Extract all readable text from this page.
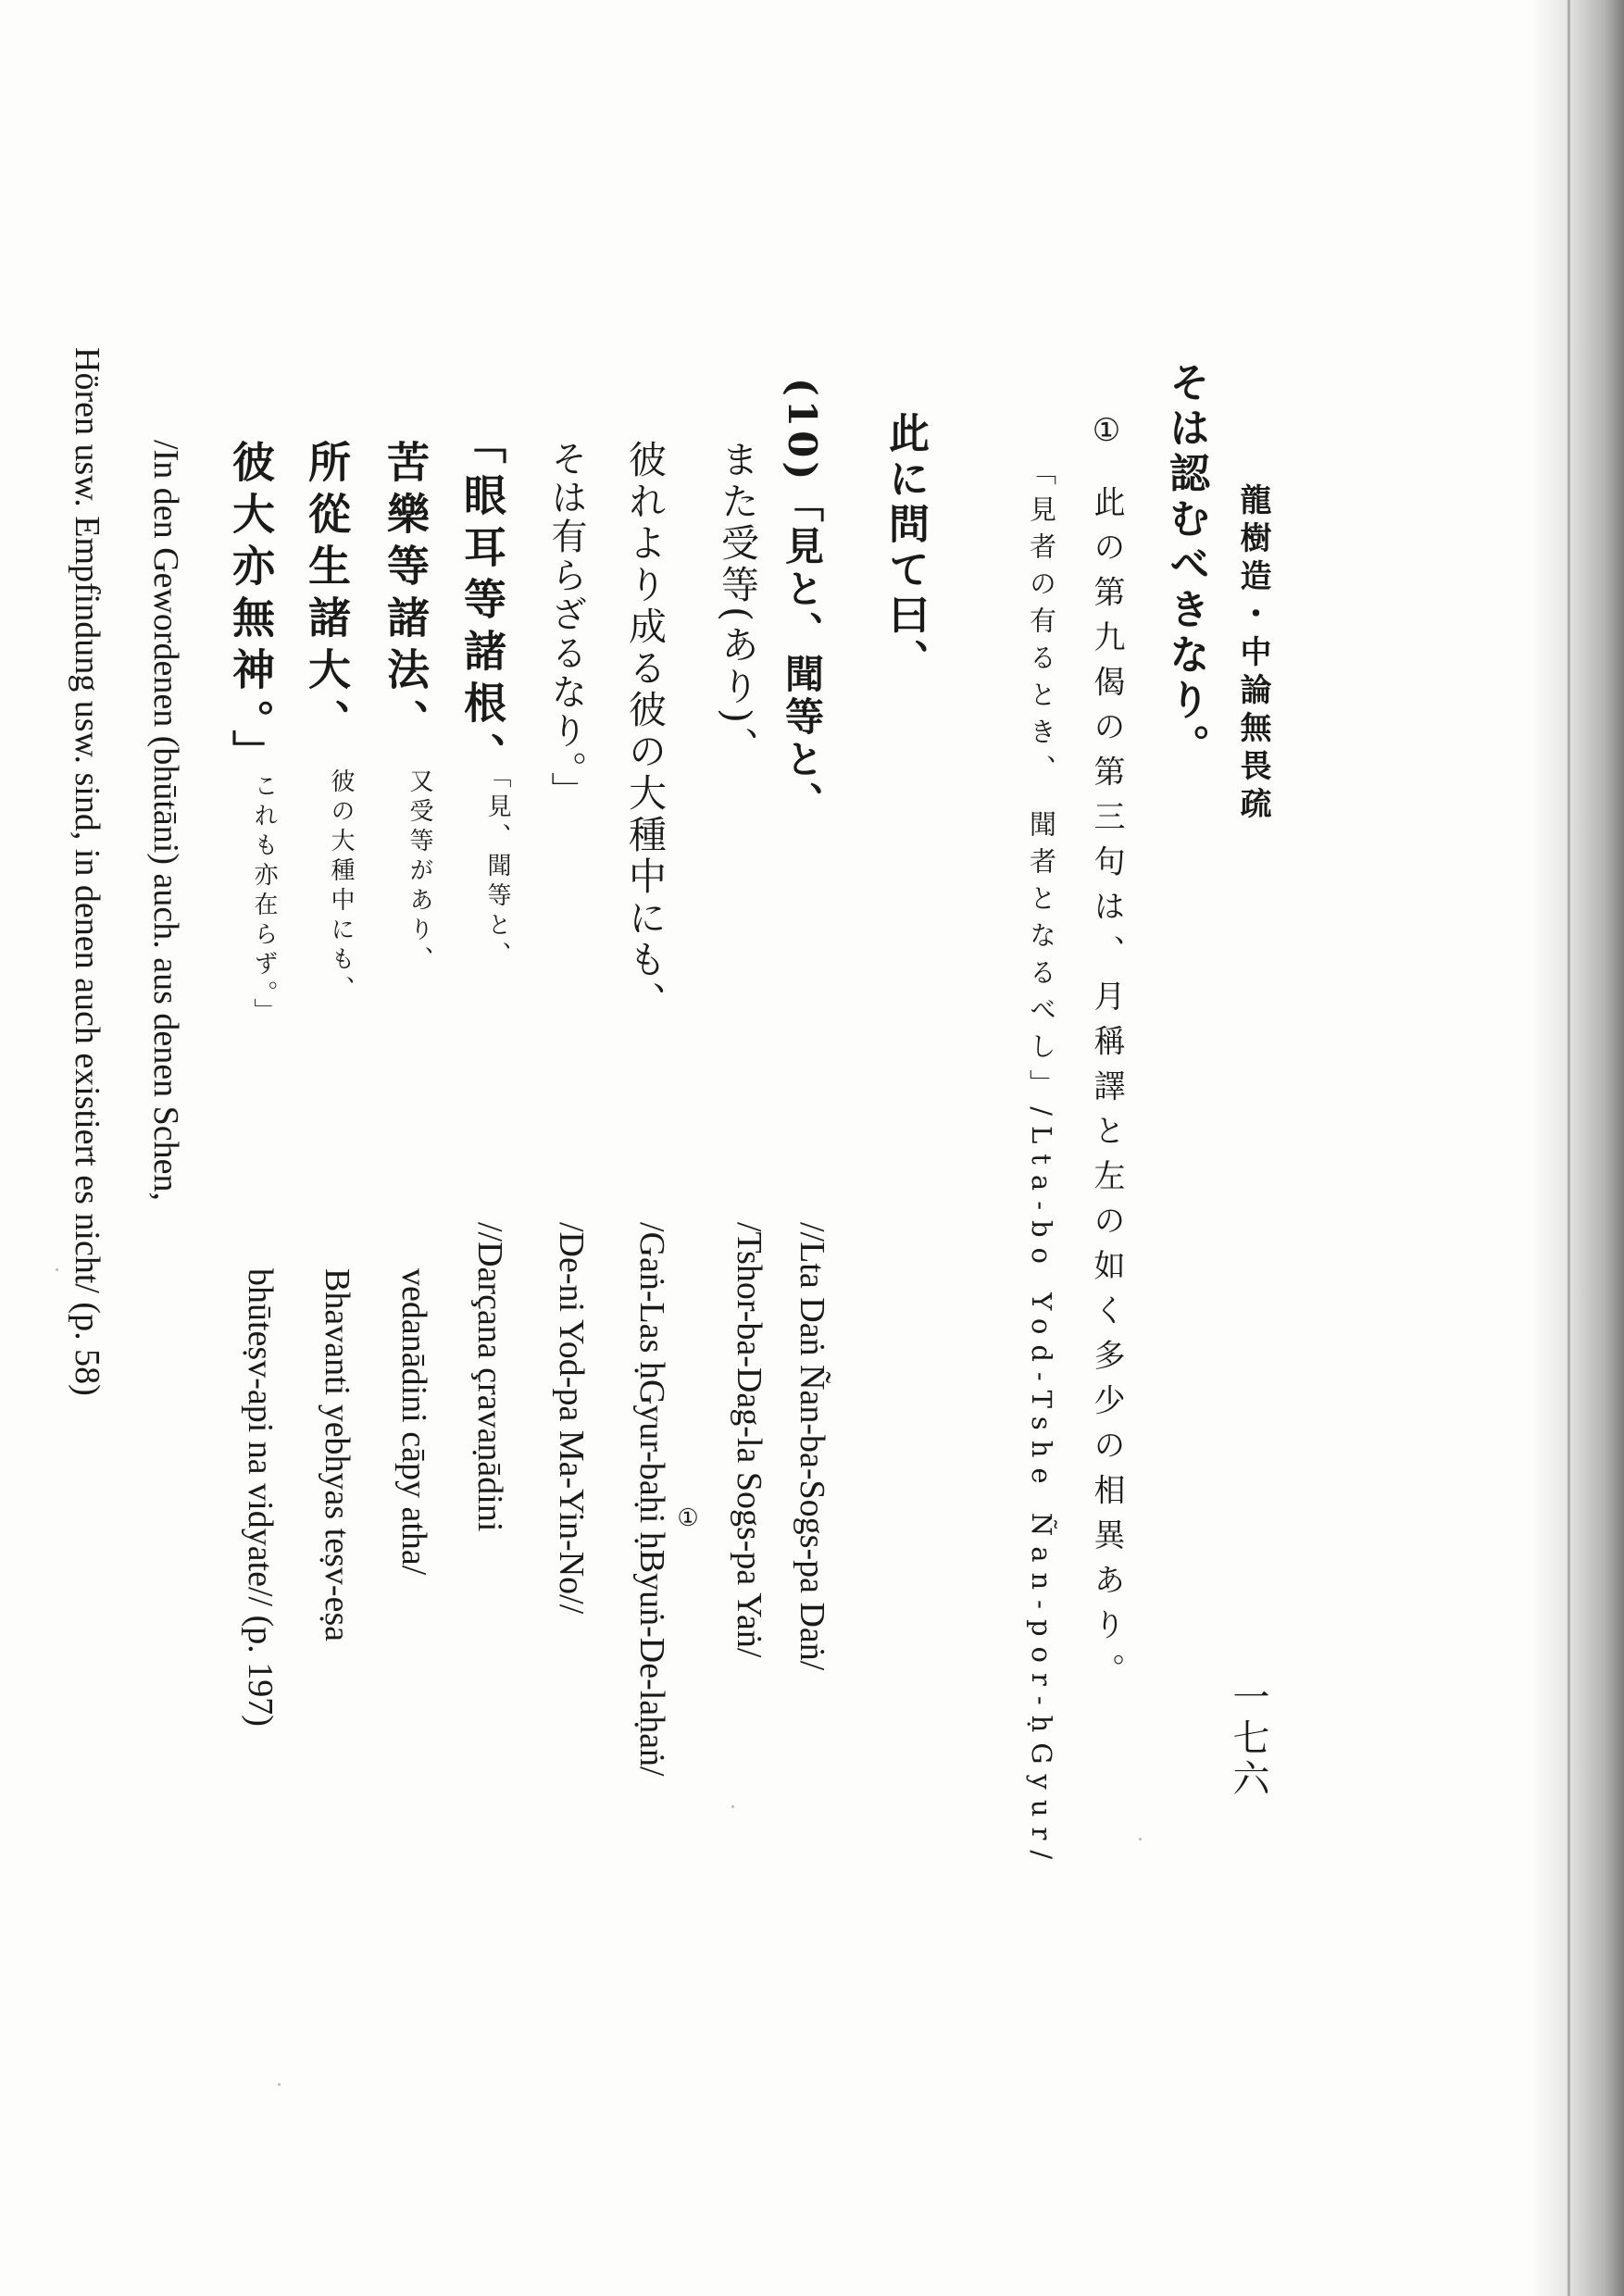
龍樹造・中論無畏疏
一七六
そは認むべきなり。
① 此の第九偈の第三句は、月稱譯と左の如く多少の相異あり。
「見者の有るとき、 聞者となるべし」/Lta-bo Yod-Tshe Ñan-por-ḥGyur/
此に問て曰、
(10)「見と、聞等と、
//Lta Daṅ Ñan-ba-Sogs-pa Daṅ/
また受等(あり)、
/Tshor-ba-Dag-la Sogs-pa Yaṅ/
彼れより成る彼の大種中にも、
①
/Gaṅ-Las ḥGyur-baḥi ḥByuṅ-De-laḥaṅ/
そは有らざるなり。」
/De-ni Yod-pa Ma-Yin-No//
「眼耳等諸根、
「見、聞等と、
//Darçana çravaṇādini
苦樂等諸法、
又受等があり、
vedanādini cāpy atha/
所從生諸大、
彼の大種中にも、
Bhavanti yebhyas teṣv-eṣa
彼大亦無神。」
これも亦在らず。」
bhūteṣv-api na vidyate// (p. 197)
/In den Gewordenen (bhūtāni) auch. aus denen Schen,
Hören usw. Empfindung usw. sind, in denen auch existiert es nicht/ (p. 58)
